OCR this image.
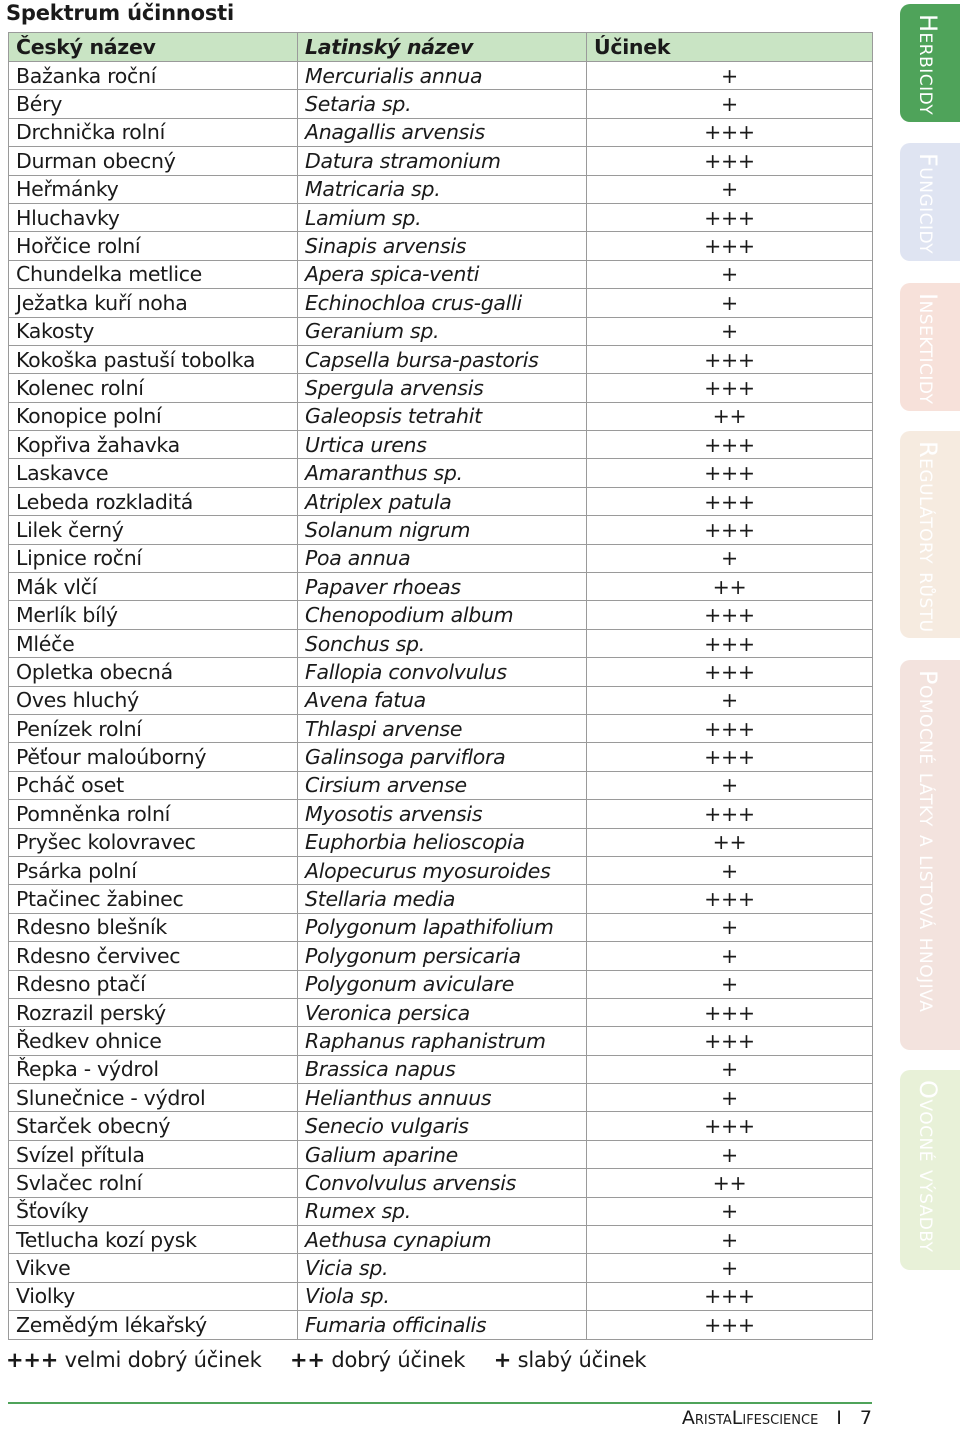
Spektrum účinnosti
Český název	Latinský název	Účinek
Bažanka roční	Mercurialis annua	+
Béry	Setaria sp.	+
Drchnička rolní	Anagallis arvensis	+++
Durman obecný	Datura stramonium	+++
Heřmánky	Matricaria sp.	+
Hluchavky	Lamium sp.	+++
Hořčice rolní	Sinapis arvensis	+++
Chundelka metlice	Apera spica-venti	+
Ježatka kuří noha	Echinochloa crus-galli	+
Kakosty	Geranium sp.	+
Kokoška pastuší tobolka	Capsella bursa-pastoris	+++
Kolenec rolní	Spergula arvensis	+++
Konopice polní	Galeopsis tetrahit	++
Kopřiva žahavka	Urtica urens	+++
Laskavce	Amaranthus sp.	+++
Lebeda rozkladitá	Atriplex patula	+++
Lilek černý	Solanum nigrum	+++
Lipnice roční	Poa annua	+
Mák vlčí	Papaver rhoeas	++
Merlík bílý	Chenopodium album	+++
Mléče	Sonchus sp.	+++
Opletka obecná	Fallopia convolvulus	+++
Oves hluchý	Avena fatua	+
Penízek rolní	Thlaspi arvense	+++
Pěťour maloúborný	Galinsoga parviflora	+++
Pcháč oset	Cirsium arvense	+
Pomněnka rolní	Myosotis arvensis	+++
Pryšec kolovravec	Euphorbia helioscopia	++
Psárka polní	Alopecurus myosuroides	+
Ptačinec žabinec	Stellaria media	+++
Rdesno blešník	Polygonum lapathifolium	+
Rdesno červivec	Polygonum persicaria	+
Rdesno ptačí	Polygonum aviculare	+
Rozrazil perský	Veronica persica	+++
Ředkev ohnice	Raphanus raphanistrum	+++
Řepka - výdrol	Brassica napus	+
Slunečnice - výdrol	Helianthus annuus	+
Starček obecný	Senecio vulgaris	+++
Svízel přítula	Galium aparine	+
Svlačec rolní	Convolvulus arvensis	++
Šťovíky	Rumex sp.	+
Tetlucha kozí pysk	Aethusa cynapium	+
Vikve	Vicia sp.	+
Violky	Viola sp.	+++
Zemědým lékařský	Fumaria officinalis	+++
+++ velmi dobrý účinek ++ dobrý účinek + slabý účinek
AristaLifescience I 7
Herbicidy
Fungicidy
Insekticidy
Regulátory růstu
Pomocné látky a listová hnojiva
Ovocné výsadby
